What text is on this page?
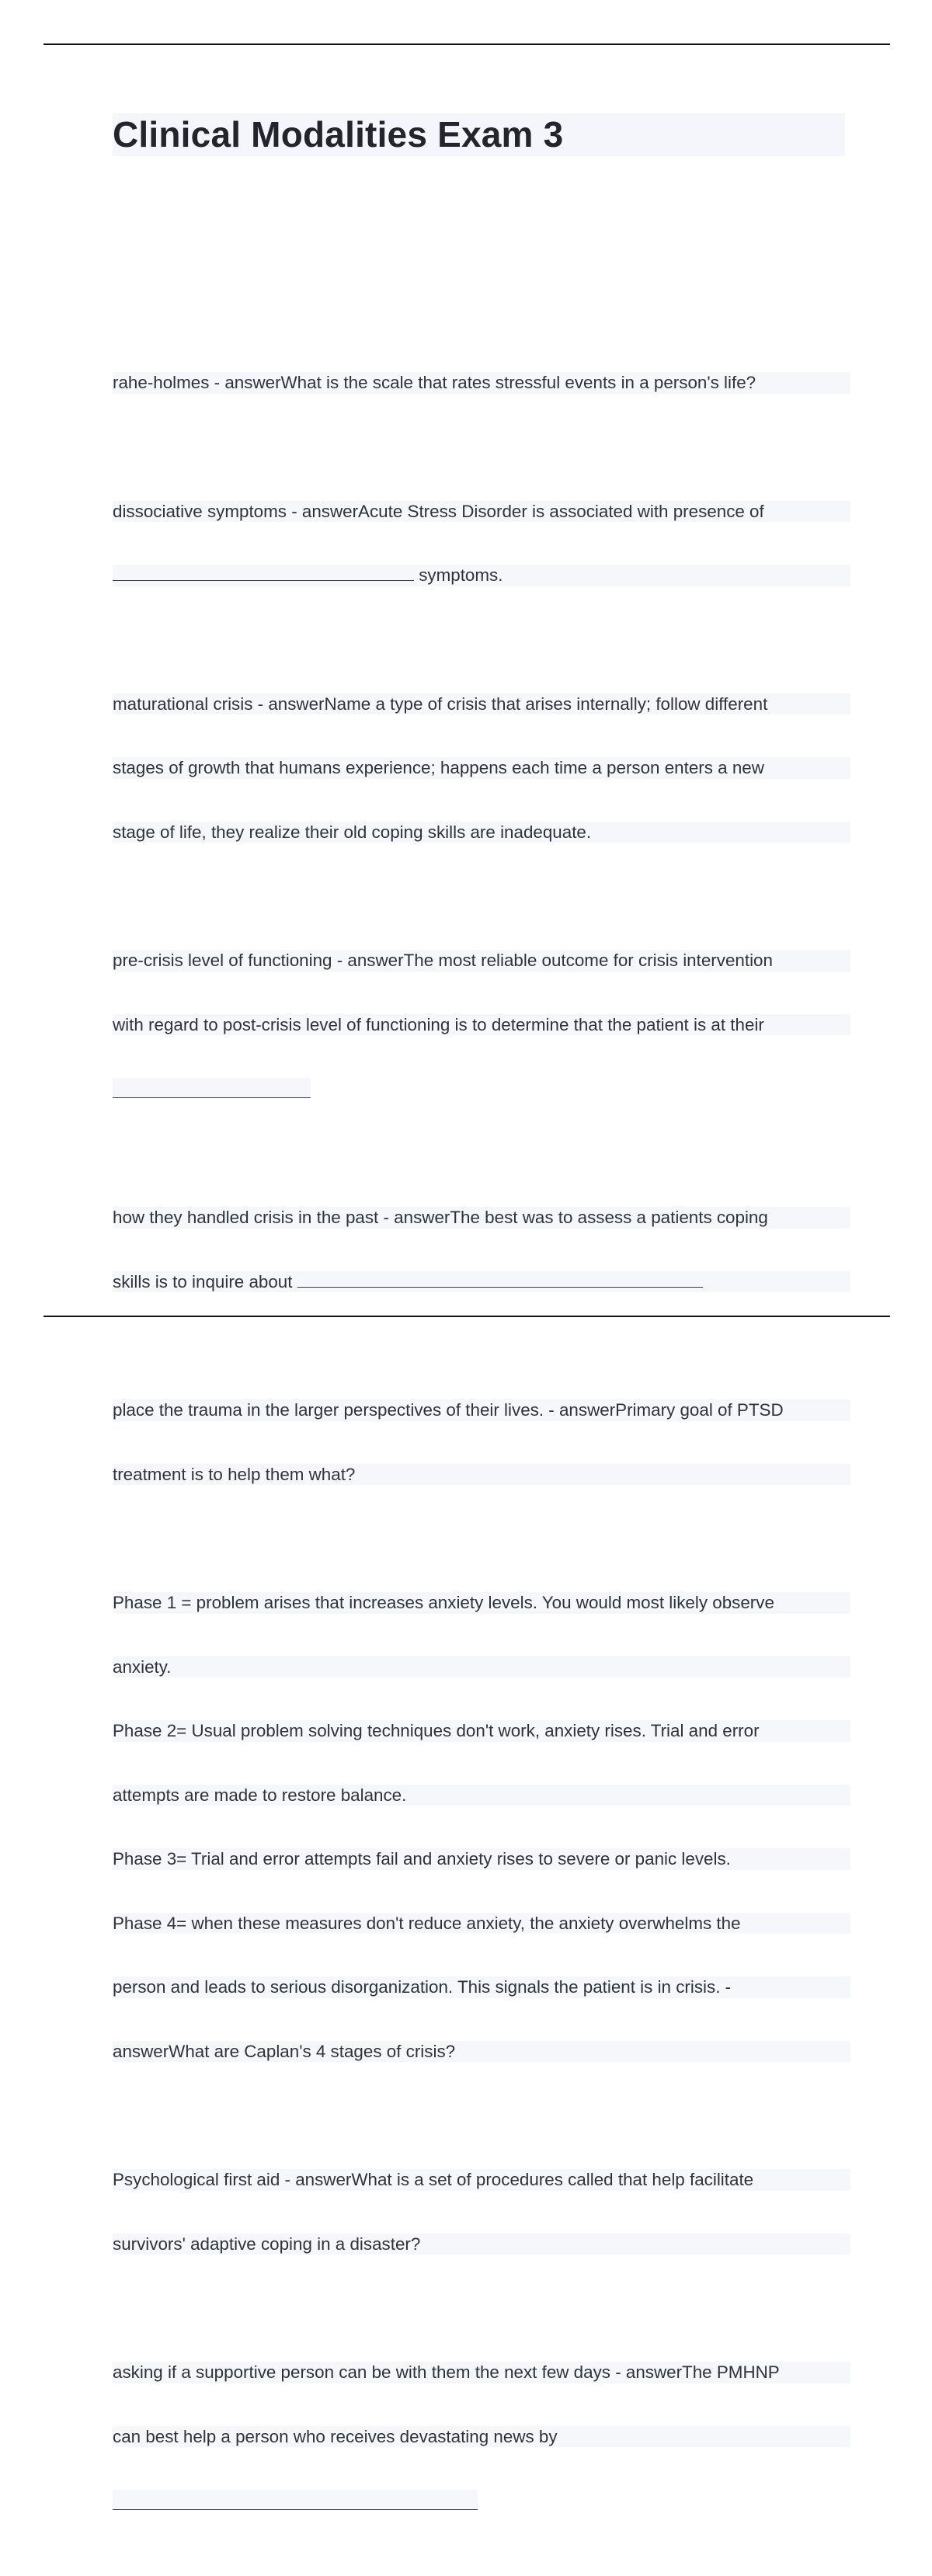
Clinical Modalities Exam 3

rahe-holmes - answerWhat is the scale that rates stressful events in a person's life?

dissociative symptoms - answerAcute Stress Disorder is associated with presence of

symptoms.

maturational crisis - answerName a type of crisis that arises internally; follow different

stages of growth that humans experience; happens each time a person enters a new

stage of life, they realize their old coping skills are inadequate.

pre-crisis level of functioning - answerThe most reliable outcome for crisis intervention

with regard to post-crisis level of functioning is to determine that the patient is at their

how they handled crisis in the past - answerThe best was to assess a patients coping

skills is to inquire about

place the trauma in the larger perspectives of their lives. - answerPrimary goal of PTSD

treatment is to help them what?

Phase 1 = problem arises that increases anxiety levels. You would most likely observe

anxiety.

Phase 2= Usual problem solving techniques don't work, anxiety rises. Trial and error

attempts are made to restore balance.

Phase 3= Trial and error attempts fail and anxiety rises to severe or panic levels.

Phase 4= when these measures don't reduce anxiety, the anxiety overwhelms the

person and leads to serious disorganization. This signals the patient is in crisis. -

answerWhat are Caplan's 4 stages of crisis?

Psychological first aid - answerWhat is a set of procedures called that help facilitate

survivors' adaptive coping in a disaster?

asking if a supportive person can be with them the next few days - answerThe PMHNP

can best help a person who receives devastating news by
